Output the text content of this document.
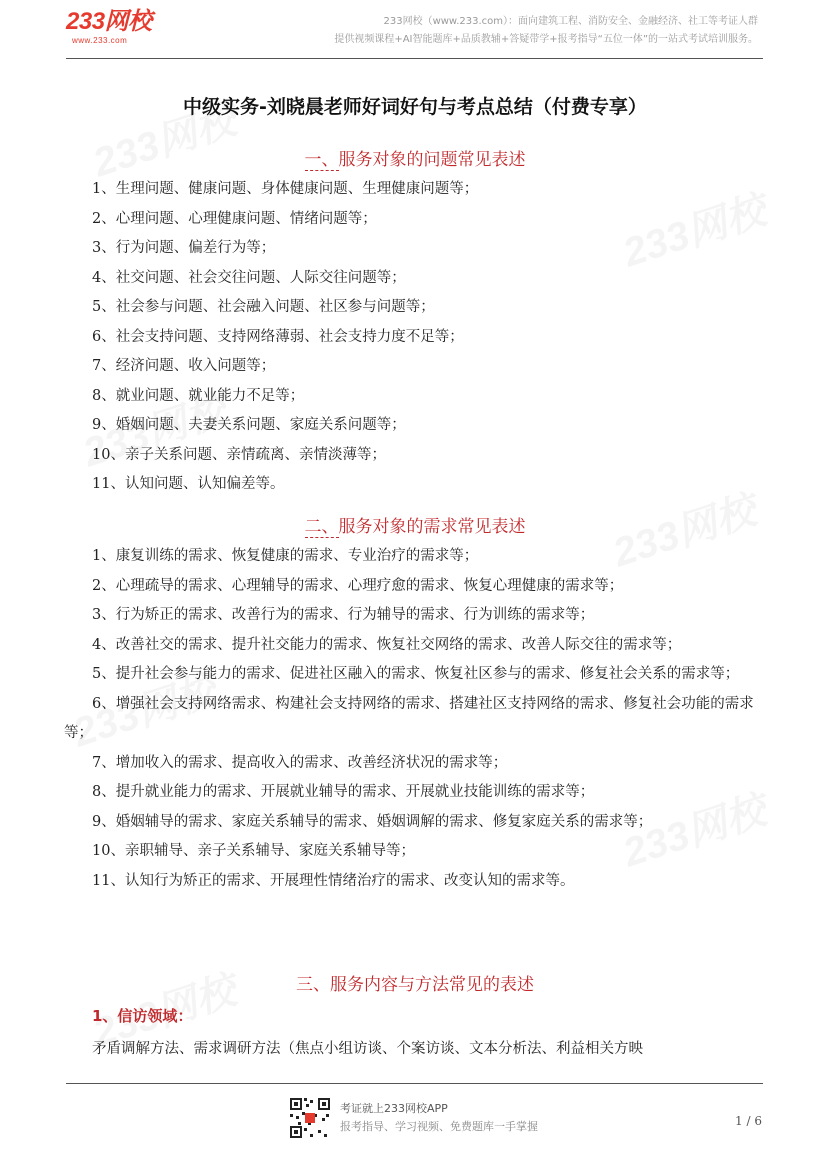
233网校
www.233.com
233网校（www.233.com）：面向建筑工程、消防安全、金融经济、社工等考证人群
提供视频课程+AI智能题库+品质教辅+答疑带学+报考指导“五位一体”的一站式考试培训服务。
中级实务-刘晓晨老师好词好句与考点总结（付费专享）
一、服务对象的问题常见表述
1、生理问题、健康问题、身体健康问题、生理健康问题等；
2、心理问题、心理健康问题、情绪问题等；
3、行为问题、偏差行为等；
4、社交问题、社会交往问题、人际交往问题等；
5、社会参与问题、社会融入问题、社区参与问题等；
6、社会支持问题、支持网络薄弱、社会支持力度不足等；
7、经济问题、收入问题等；
8、就业问题、就业能力不足等；
9、婚姻问题、夫妻关系问题、家庭关系问题等；
10、亲子关系问题、亲情疏离、亲情淡薄等；
11、认知问题、认知偏差等。
二、服务对象的需求常见表述
1、康复训练的需求、恢复健康的需求、专业治疗的需求等；
2、心理疏导的需求、心理辅导的需求、心理疗愈的需求、恢复心理健康的需求等；
3、行为矫正的需求、改善行为的需求、行为辅导的需求、行为训练的需求等；
4、改善社交的需求、提升社交能力的需求、恢复社交网络的需求、改善人际交往的需求等；
5、提升社会参与能力的需求、促进社区融入的需求、恢复社区参与的需求、修复社会关系的需求等；
6、增强社会支持网络需求、构建社会支持网络的需求、搭建社区支持网络的需求、修复社会功能的需求等；
7、增加收入的需求、提高收入的需求、改善经济状况的需求等；
8、提升就业能力的需求、开展就业辅导的需求、开展就业技能训练的需求等；
9、婚姻辅导的需求、家庭关系辅导的需求、婚姻调解的需求、修复家庭关系的需求等；
10、亲职辅导、亲子关系辅导、家庭关系辅导等；
11、认知行为矫正的需求、开展理性情绪治疗的需求、改变认知的需求等。
三、服务内容与方法常见的表述
1、信访领域：
矛盾调解方法、需求调研方法（焦点小组访谈、个案访谈、文本分析法、利益相关方映
考证就上233网校APP
报考指导、学习视频、免费题库一手掌握	1 / 6
